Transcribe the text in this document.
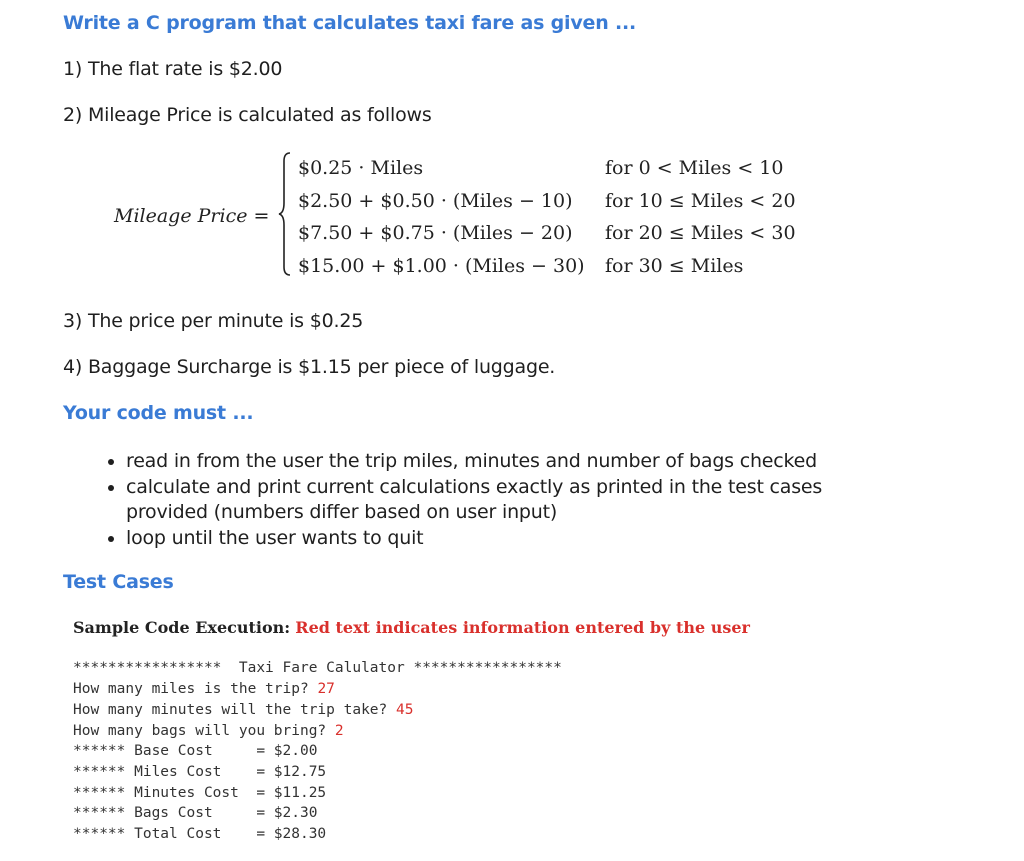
Write a C program that calculates taxi fare as given ...
1) The flat rate is $2.00
2) Mileage Price is calculated as follows
Mileage Price =
$0.25 · Miles	for 0 < Miles < 10
$2.50 + $0.50 · (Miles − 10) for 10 ≤ Miles < 20
$7.50 + $0.75 · (Miles − 20) for 20 ≤ Miles < 30
$15.00 + $1.00 · (Miles − 30) for 30 ≤ Miles
3) The price per minute is $0.25
4) Baggage Surcharge is $1.15 per piece of luggage.
Your code must ...
• read in from the user the trip miles, minutes and number of bags checked
• calculate and print current calculations exactly as printed in the test cases provided (numbers differ based on user input)
• loop until the user wants to quit
Test Cases
Sample Code Execution: Red text indicates information entered by the user
*****************  Taxi Fare Calulator *****************
How many miles is the trip? 27
How many minutes will the trip take? 45
How many bags will you bring? 2
****** Base Cost     = $2.00
****** Miles Cost    = $12.75
****** Minutes Cost  = $11.25
****** Bags Cost     = $2.30
****** Total Cost    = $28.30
